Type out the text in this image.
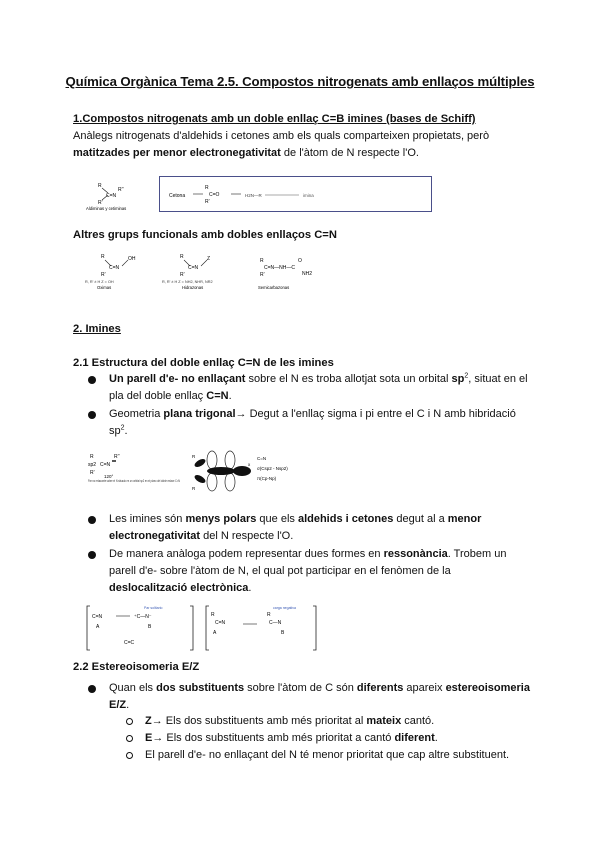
Química Orgànica Tema 2.5. Compostos nitrogenats amb enllaços múltiples
1.Compostos nitrogenats amb un doble enllaç C=B imines (bases de Schiff)
Anàlegs nitrogenats d'aldehids i cetones amb els quals comparteixen propietats, però
matitzades per menor electronegativitat de l'àtom de N respecte l'O.
R
C=N
R'
R''
Aldiminas y cetiminas
Cetona
R
C=O
R'
H2N—R	imina
Altres grups funcionals amb dobles enllaços C=N
R
C=N
OH
R'
R, R' ≠ H Z = OH
Oximas
R
C=N
Z
R'
R, R' ≠ H Z = NH2, NHR, NR2
Hidrazonas
R
C=N—NH—C
O
NH2
R'
Semicarbazonas
2. Imines
2.1 Estructura del doble enllaç C=N de les imines
Un parell d'e- no enllaçant sobre el N es troba allotjat sota un orbital $sp^2$, situat en el
pla del doble enllaç C=N.
Geometria plana trigonal→ Degut a l'enllaç sigma i pi entre el C i N amb hibridació
$sp^2$.
R
sp2 C=N
R''
R'
120°
Par no enlazante sobre el N situado en un orbital sp2 en el plano del doble enlace C=N
R
R
x
C=N
σ(Csp2 - Nsp2)
π(Cp-Np)
Les imines són menys polars que els aldehids i cetones degut al a menor
electronegativitat del N respecte l'O.
De manera anàloga podem representar dues formes en ressonància. Trobem un
parell d'e- sobre l'àtom de N, el qual pot participar en el fenòmen de la
deslocalització electrònica.
C=N
A
⁺C—N⁻
B
Par solitario
C=C
R
C=N
A
R
C—N
B
carga negativa
2.2 Estereoisomeria E/Z
Quan els dos substituents sobre l'àtom de C són diferents apareix estereoisomeria
E/Z.
Z→ Els dos substituents amb més prioritat al mateix cantó.
E→ Els dos substituents amb més prioritat a cantó diferent.
El parell d'e- no enllaçant del N té menor prioritat que cap altre substituent.
